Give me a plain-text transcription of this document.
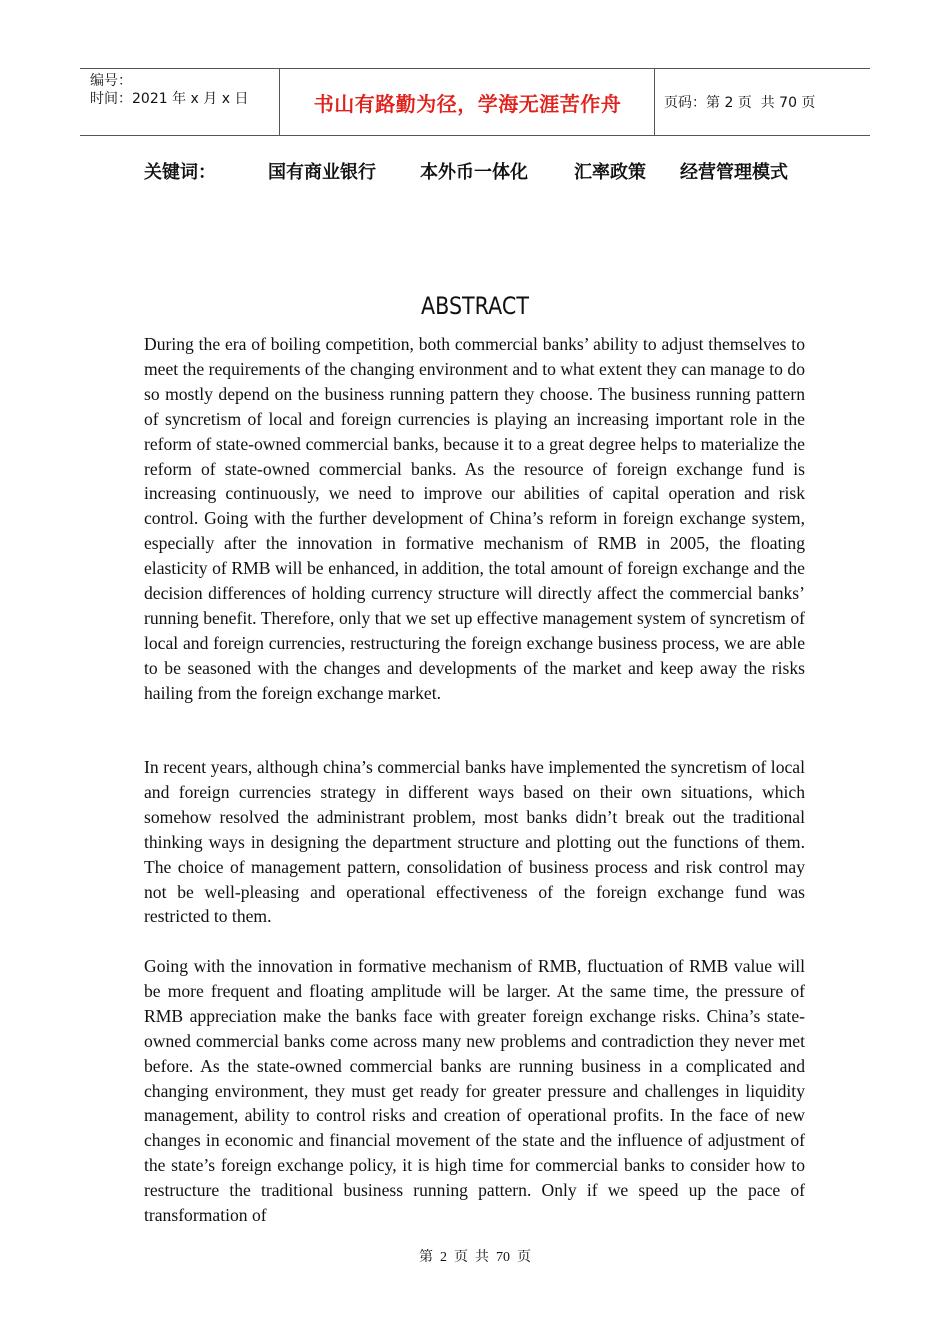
编号：
时间：2021 年 x 月 x 日	书山有路勤为径，学海无涯苦作舟	页码：第 2 页  共 70 页
关键词：	国有商业银行 本外币一体化	汇率政策 经营管理模式
ABSTRACT

During the era of boiling competition, both commercial banks’ ability to adjust themselves to meet the requirements of the changing environment and to what extent they can manage to do so mostly depend on the business running pattern they choose. The business running pattern of syncretism of local and foreign currencies is playing an increasing important role in the reform of state-owned commercial banks, because it to a great degree helps to materialize the reform of state-owned commercial banks. As the resource of foreign exchange fund is increasing continuously, we need to improve our abilities of capital operation and risk control. Going with the further development of China’s reform in foreign exchange system, especially after the innovation in formative mechanism of RMB in 2005, the floating elasticity of RMB will be enhanced, in addition, the total amount of foreign exchange and the decision differences of holding currency structure will directly affect the commercial banks’ running benefit. Therefore, only that we set up effective management system of syncretism of local and foreign currencies, restructuring the foreign exchange business process, we are able to be seasoned with the changes and developments of the market and keep away the risks hailing from the foreign exchange market.

In recent years, although china’s commercial banks have implemented the syncretism of local and foreign currencies strategy in different ways based on their own situations, which somehow resolved the administrant problem, most banks didn’t break out the traditional thinking ways in designing the department structure and plotting out the functions of them. The choice of management pattern, consolidation of business process and risk control may not be well-pleasing and operational effectiveness of the foreign exchange fund was restricted to them.

Going with the innovation in formative mechanism of RMB, fluctuation of RMB value will be more frequent and floating amplitude will be larger. At the same time, the pressure of RMB appreciation make the banks face with greater foreign exchange risks. China’s state-owned commercial banks come across many new problems and contradiction they never met before. As the state-owned commercial banks are running business in a complicated and changing environment, they must get ready for greater pressure and challenges in liquidity management, ability to control risks and creation of operational profits. In the face of new changes in economic and financial movement of the state and the influence of adjustment of the state’s foreign exchange policy, it is high time for commercial banks to consider how to restructure the traditional business running pattern. Only if we speed up the pace of transformation of

第  2  页  共  70  页
